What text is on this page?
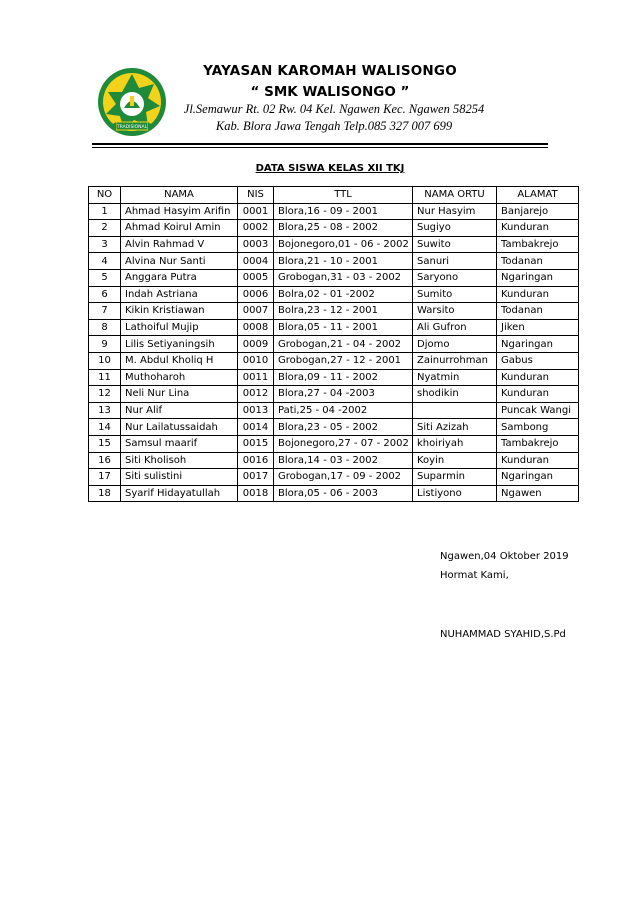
TRADISIONAL
YAYASAN KAROMAH WALISONGO
“ SMK WALISONGO ”
Jl.Semawur Rt. 02 Rw. 04 Kel. Ngawen Kec. Ngawen 58254
Kab. Blora Jawa Tengah Telp.085 327 007 699
DATA SISWA KELAS XII TKJ
NO	NAMA	NIS	TTL	NAMA ORTU	ALAMAT
1	Ahmad Hasyim Arifin	0001	Blora,16 - 09 - 2001	Nur Hasyim	Banjarejo
2	Ahmad Koirul Amin	0002	Blora,25 - 08 - 2002	Sugiyo	Kunduran
3	Alvin Rahmad V	0003	Bojonegoro,01 - 06 - 2002	Suwito	Tambakrejo
4	Alvina Nur Santi	0004	Blora,21 - 10 - 2001	Sanuri	Todanan
5	Anggara Putra	0005	Grobogan,31 - 03 - 2002	Saryono	Ngaringan
6	Indah Astriana	0006	Bolra,02 - 01 -2002	Sumito	Kunduran
7	Kikin Kristiawan	0007	Bolra,23 - 12 - 2001	Warsito	Todanan
8	Lathoiful Mujip	0008	Blora,05 - 11 - 2001	Ali Gufron	Jiken
9	Lilis Setiyaningsih	0009	Grobogan,21 - 04 - 2002	Djomo	Ngaringan
10	M. Abdul Kholiq H	0010	Grobogan,27 - 12 - 2001	Zainurrohman	Gabus
11	Muthoharoh	0011	Blora,09 - 11 - 2002	Nyatmin	Kunduran
12	Neli Nur Lina	0012	Blora,27 - 04 -2003	shodikin	Kunduran
13	Nur Alif	0013	Pati,25 - 04 -2002		Puncak Wangi
14	Nur Lailatussaidah	0014	Blora,23 - 05 - 2002	Siti Azizah	Sambong
15	Samsul maarif	0015	Bojonegoro,27 - 07 - 2002	khoiriyah	Tambakrejo
16	Siti Kholisoh	0016	Blora,14 - 03 - 2002	Koyin	Kunduran
17	Siti sulistini	0017	Grobogan,17 - 09 - 2002	Suparmin	Ngaringan
18	Syarif Hidayatullah	0018	Blora,05 - 06 - 2003	Listiyono	Ngawen
Ngawen,04 Oktober 2019
Hormat Kami,
NUHAMMAD SYAHID,S.Pd
